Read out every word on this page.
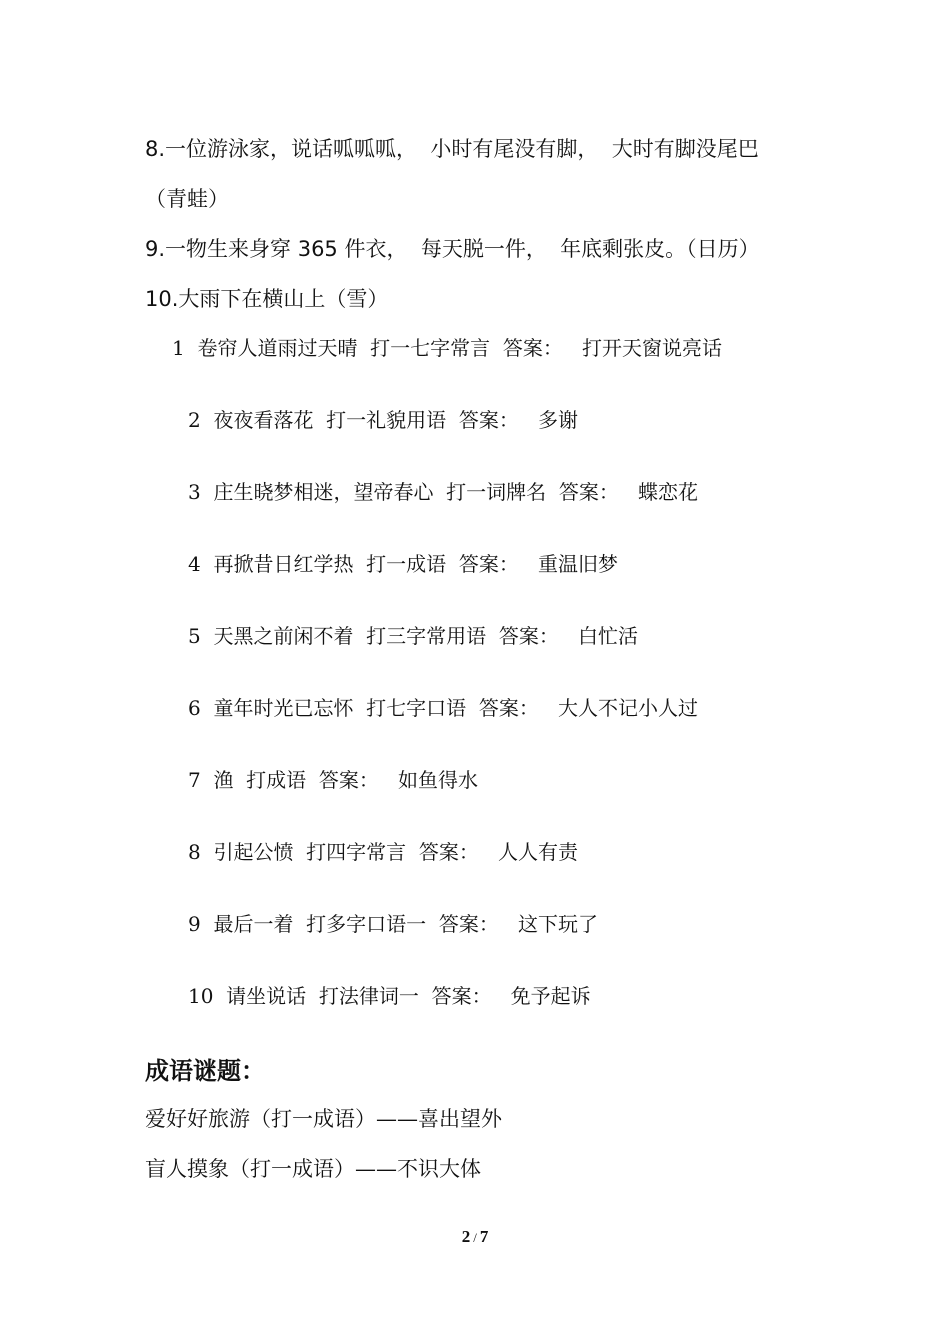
8.一位游泳家，说话呱呱呱，  小时有尾没有脚，  大时有脚没尾巴
（青蛙）
9.一物生来身穿 365 件衣，  每天脱一件，  年底剩张皮。（日历）
10.大雨下在横山上（雪）
1  卷帘人道雨过天晴  打一七字常言  答案：   打开天窗说亮话
2  夜夜看落花  打一礼貌用语  答案：   多谢
3  庄生晓梦相迷，望帝春心  打一词牌名  答案：   蝶恋花
4  再掀昔日红学热  打一成语  答案：   重温旧梦
5  天黑之前闲不着  打三字常用语  答案：   白忙活
6  童年时光已忘怀  打七字口语  答案：   大人不记小人过
7  渔  打成语  答案：   如鱼得水
8  引起公愤  打四字常言  答案：   人人有责
9  最后一着  打多字口语一  答案：   这下玩了
10  请坐说话  打法律词一  答案：   免予起诉
成语谜题：
爱好好旅游（打一成语）——喜出望外
盲人摸象（打一成语）——不识大体
2 / 7
